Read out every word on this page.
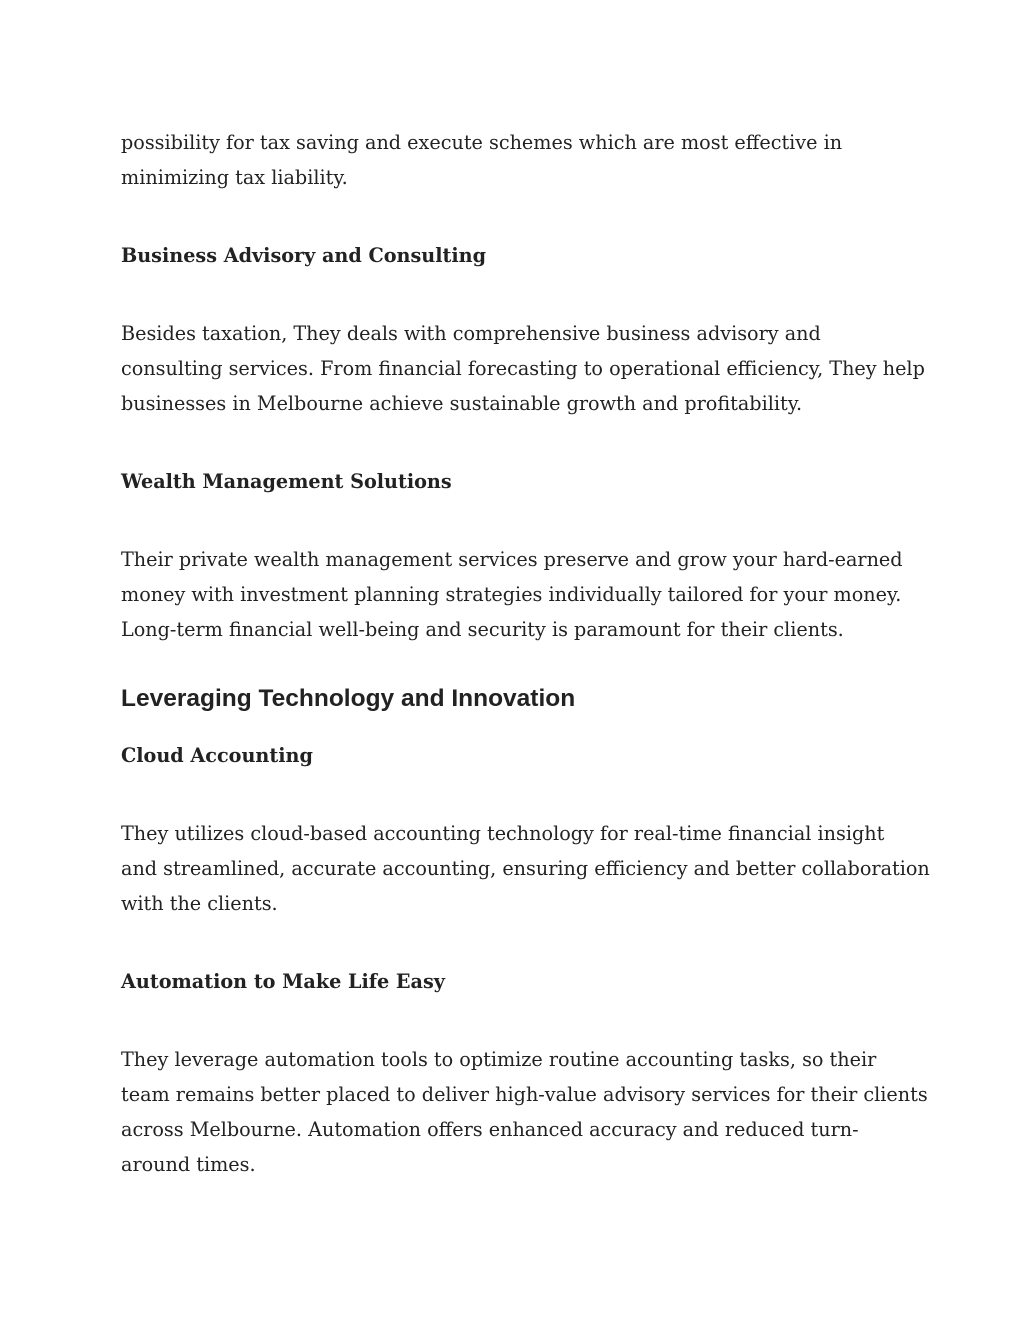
possibility for tax saving and execute schemes which are most effective in
minimizing tax liability.
Business Advisory and Consulting
Besides taxation, They deals with comprehensive business advisory and
consulting services. From financial forecasting to operational efficiency, They help
businesses in Melbourne achieve sustainable growth and profitability.
Wealth Management Solutions
Their private wealth management services preserve and grow your hard-earned
money with investment planning strategies individually tailored for your money.
Long-term financial well-being and security is paramount for their clients.
Leveraging Technology and Innovation
Cloud Accounting
They utilizes cloud-based accounting technology for real-time financial insight
and streamlined, accurate accounting, ensuring efficiency and better collaboration
with the clients.
Automation to Make Life Easy
They leverage automation tools to optimize routine accounting tasks, so their
team remains better placed to deliver high-value advisory services for their clients
across Melbourne. Automation offers enhanced accuracy and reduced turn-
around times.
